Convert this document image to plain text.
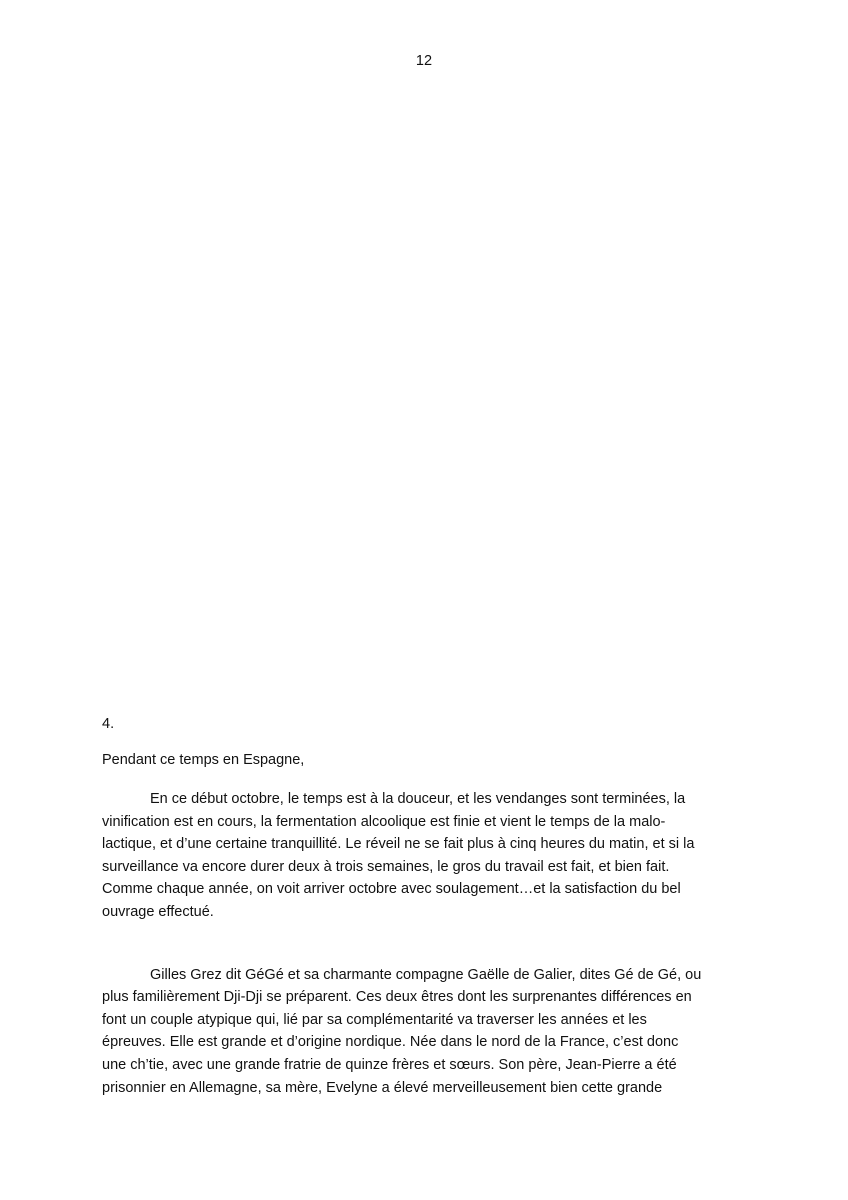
12

4.

Pendant ce temps en Espagne,

En ce début octobre, le temps est à la douceur, et les vendanges sont terminées, la
vinification est en cours, la fermentation alcoolique est finie et vient le temps de la malo-
lactique, et d’une certaine tranquillité. Le réveil ne se fait plus à cinq heures du matin, et si la
surveillance va encore durer deux à trois semaines, le gros du travail est fait, et bien fait.
Comme chaque année, on voit arriver octobre avec soulagement…et la satisfaction du bel
ouvrage effectué.

Gilles Grez dit GéGé et sa charmante compagne Gaëlle de Galier, dites Gé de Gé, ou
plus familièrement Dji-Dji se préparent. Ces deux êtres dont les surprenantes différences en
font un couple atypique qui, lié par sa complémentarité va traverser les années et les
épreuves. Elle est grande et d’origine nordique. Née dans le nord de la France, c’est donc
une ch’tie, avec une grande fratrie de quinze frères et sœurs. Son père, Jean-Pierre a été
prisonnier en Allemagne, sa mère, Evelyne a élevé merveilleusement bien cette grande
